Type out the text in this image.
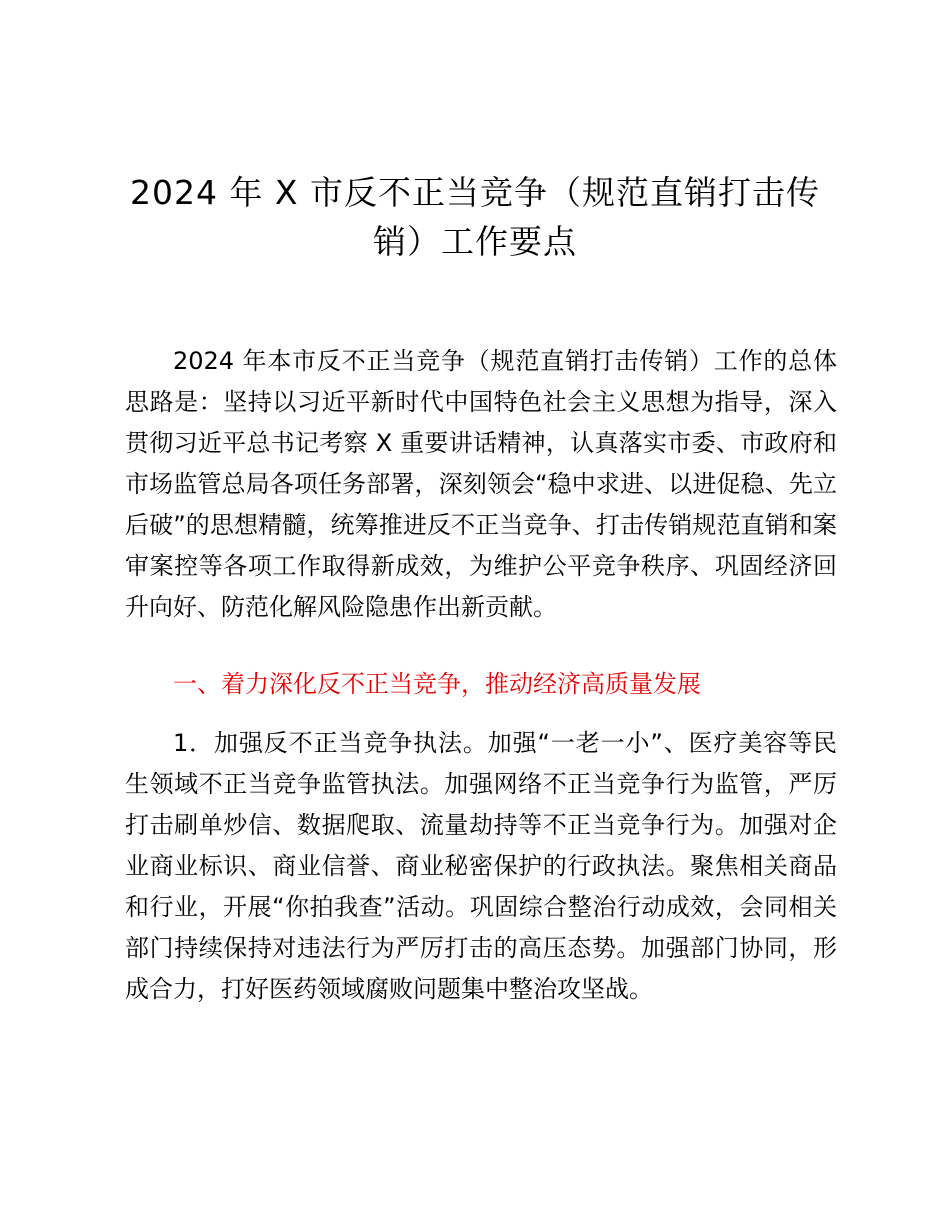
2024 年 X 市反不正当竞争（规范直销打击传销）工作要点

2024 年本市反不正当竞争（规范直销打击传销）工作的总体思路是：坚持以习近平新时代中国特色社会主义思想为指导，深入贯彻习近平总书记考察 X 重要讲话精神，认真落实市委、市政府和市场监管总局各项任务部署，深刻领会“稳中求进、以进促稳、先立后破”的思想精髓，统筹推进反不正当竞争、打击传销规范直销和案审案控等各项工作取得新成效，为维护公平竞争秩序、巩固经济回升向好、防范化解风险隐患作出新贡献。

一、着力深化反不正当竞争，推动经济高质量发展

1．加强反不正当竞争执法。加强“一老一小”、医疗美容等民生领域不正当竞争监管执法。加强网络不正当竞争行为监管，严厉打击刷单炒信、数据爬取、流量劫持等不正当竞争行为。加强对企业商业标识、商业信誉、商业秘密保护的行政执法。聚焦相关商品和行业，开展“你拍我查”活动。巩固综合整治行动成效，会同相关部门持续保持对违法行为严厉打击的高压态势。加强部门协同，形成合力，打好医药领域腐败问题集中整治攻坚战。
